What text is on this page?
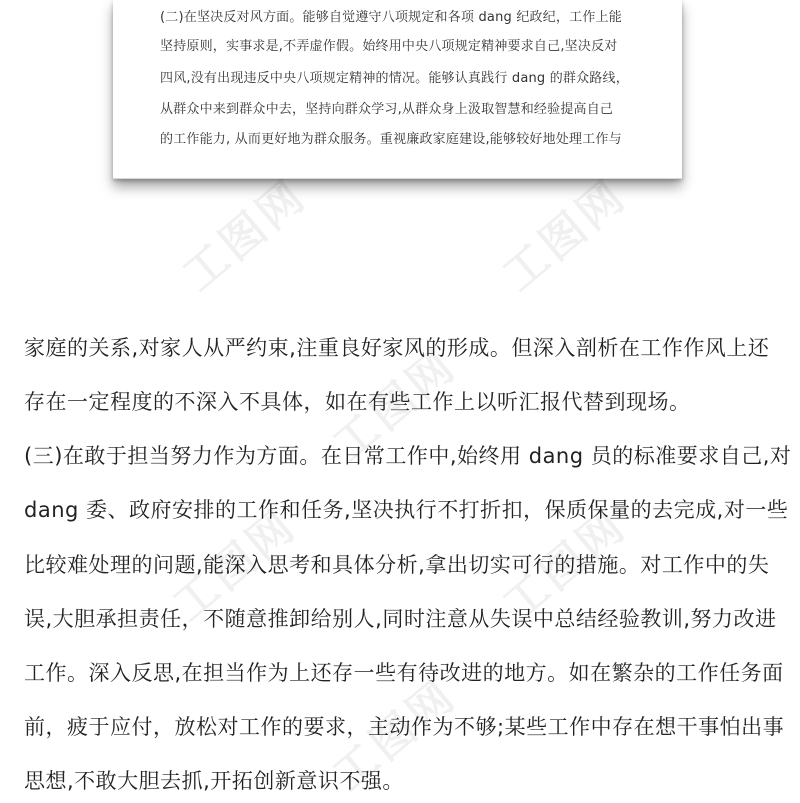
(二)在坚决反对风方面。能够自觉遵守八项规定和各项 dang 纪政纪，工作上能
坚持原则，实事求是,不弄虚作假。始终用中央八项规定精神要求自己,坚决反对
四风,没有出现违反中央八项规定精神的情况。能够认真践行 dang 的群众路线，
从群众中来到群众中去，坚持向群众学习,从群众身上汲取智慧和经验提高自己
的工作能力, 从而更好地为群众服务。重视廉政家庭建设,能够较好地处理工作与
家庭的关系,对家人从严约束,注重良好家风的形成。但深入剖析在工作作风上还
存在一定程度的不深入不具体，如在有些工作上以听汇报代替到现场。
(三)在敢于担当努力作为方面。在日常工作中,始终用 dang 员的标准要求自己,对
dang 委、政府安排的工作和任务,坚决执行不打折扣，保质保量的去完成,对一些
比较难处理的问题,能深入思考和具体分析,拿出切实可行的措施。对工作中的失
误,大胆承担责任，不随意推卸给别人,同时注意从失误中总结经验教训,努力改进
工作。深入反思,在担当作为上还存一些有待改进的地方。如在繁杂的工作任务面
前，疲于应付，放松对工作的要求，主动作为不够;某些工作中存在想干事怕出事
思想,不敢大胆去抓,开拓创新意识不强。
工图网	工图网
工图网
工图网	工图网
工图网
